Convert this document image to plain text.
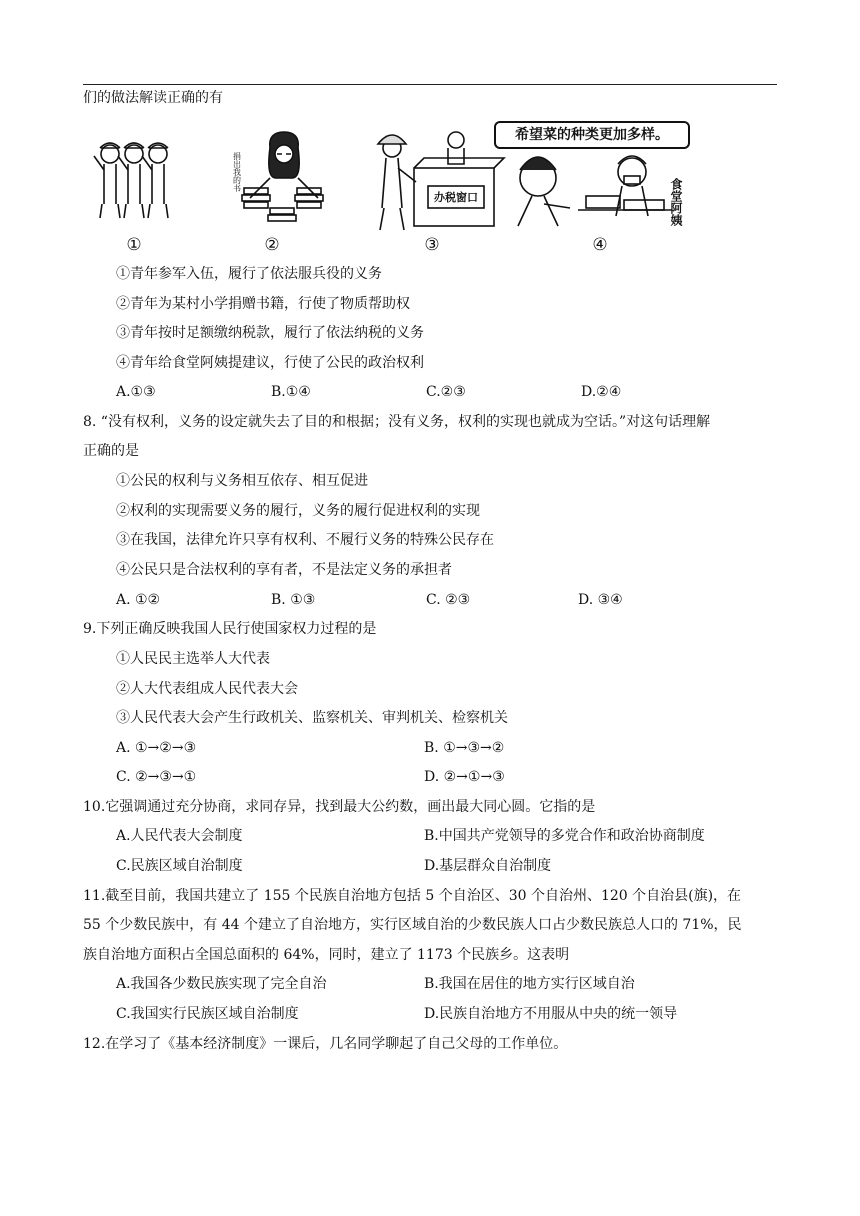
们的做法解读正确的有
捐出我的书
办税窗口	食堂阿姨
①	②	③	④
希望菜的种类更加多样。
①青年参军入伍，履行了依法服兵役的义务
②青年为某村小学捐赠书籍，行使了物质帮助权
③青年按时足额缴纳税款，履行了依法纳税的义务
④青年给食堂阿姨提建议，行使了公民的政治权利
A.①③	B.①④	C.②③	D.②④
8. “没有权利，义务的设定就失去了目的和根据；没有义务，权利的实现也就成为空话。”对这句话理解
正确的是
①公民的权利与义务相互依存、相互促进
②权利的实现需要义务的履行，义务的履行促进权利的实现
③在我国，法律允许只享有权利、不履行义务的特殊公民存在
④公民只是合法权利的享有者，不是法定义务的承担者
A. ①②	B. ①③	C. ②③	D. ③④
9.下列正确反映我国人民行使国家权力过程的是
①人民民主选举人大代表
②人大代表组成人民代表大会
③人民代表大会产生行政机关、监察机关、审判机关、检察机关
A. ①→②→③	B. ①→③→②
C. ②→③→①	D. ②→①→③
10.它强调通过充分协商，求同存异，找到最大公约数，画出最大同心圆。它指的是
A.人民代表大会制度	B.中国共产党领导的多党合作和政治协商制度
C.民族区域自治制度	D.基层群众自治制度
11.截至目前，我国共建立了 155 个民族自治地方包括 5 个自治区、30 个自治州、120 个自治县(旗)，在
55 个少数民族中，有 44 个建立了自治地方，实行区域自治的少数民族人口占少数民族总人口的 71%，民
族自治地方面积占全国总面积的 64%，同时，建立了 1173 个民族乡。这表明
A.我国各少数民族实现了完全自治	B.我国在居住的地方实行区域自治
C.我国实行民族区域自治制度	D.民族自治地方不用服从中央的统一领导
12.在学习了《基本经济制度》一课后，几名同学聊起了自己父母的工作单位。
